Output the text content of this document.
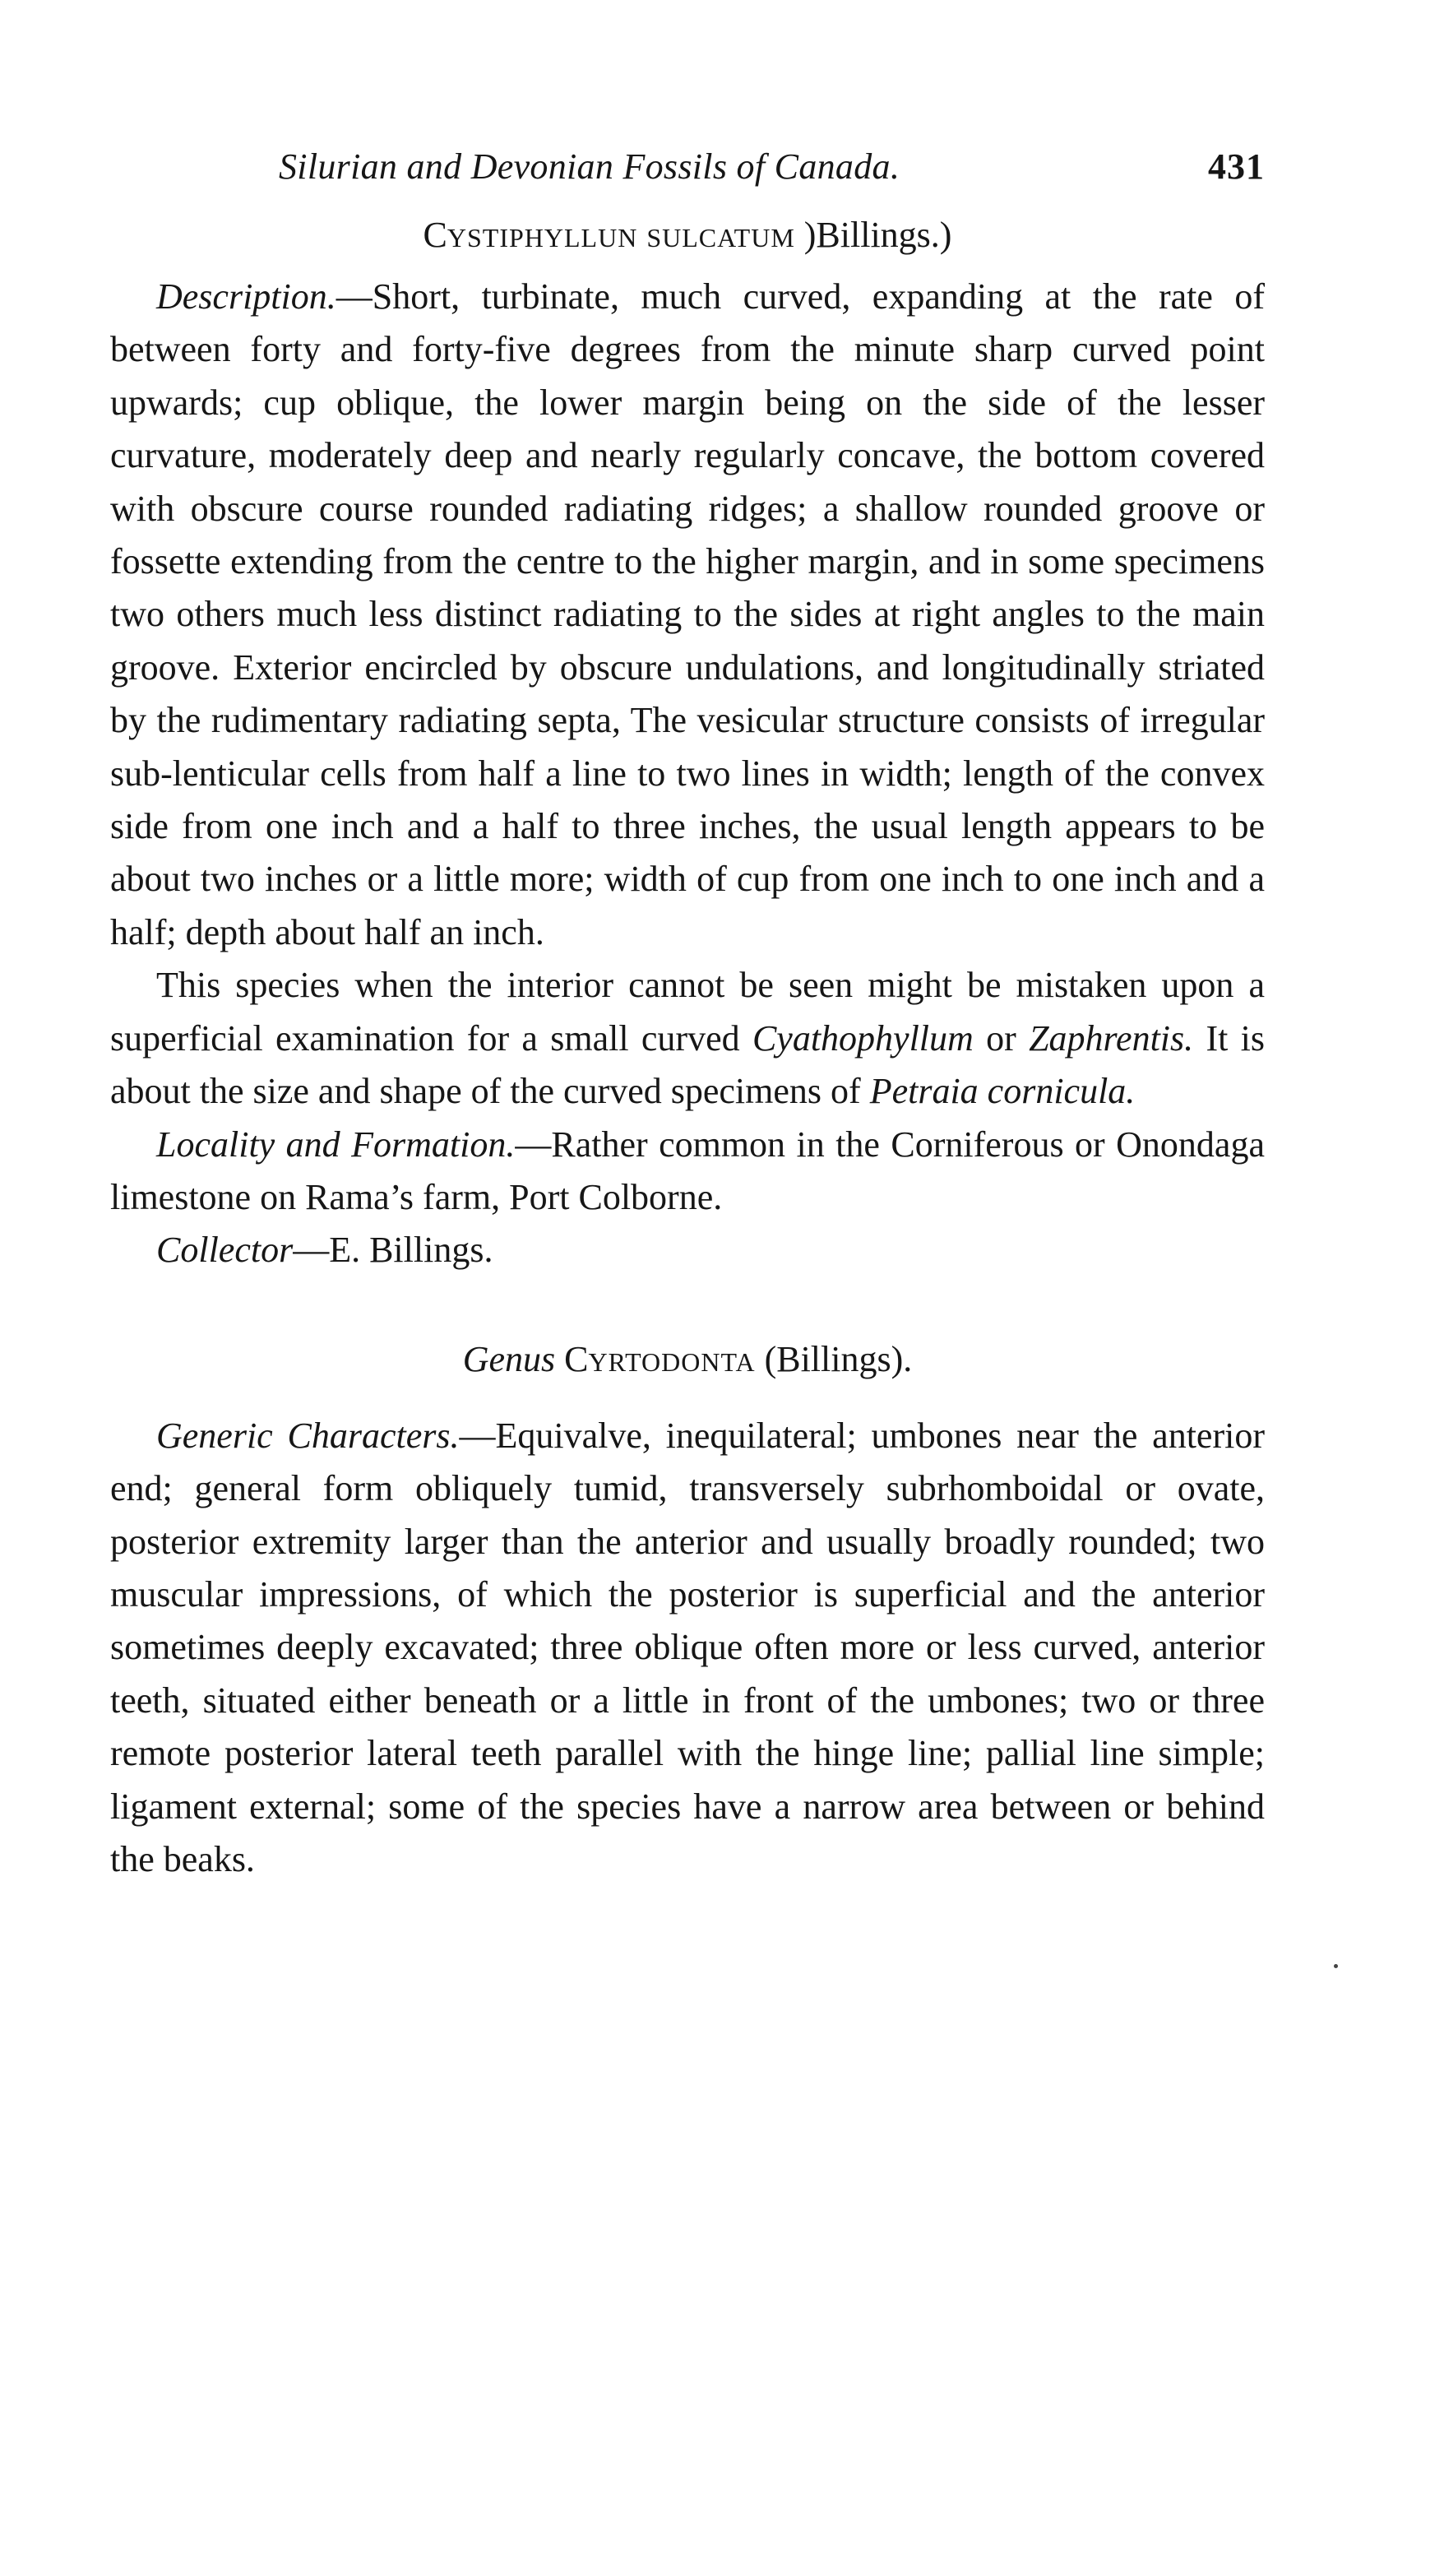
Silurian and Devonian Fossils of Canada.	431

CYSTIPHYLLUN SULCATUM )Billings.)

Description.—Short, turbinate, much curved, expanding at the rate of between forty and forty-five degrees from the minute sharp curved point upwards; cup oblique, the lower margin being on the side of the lesser curvature, moderately deep and nearly regularly concave, the bottom covered with obscure course rounded radiating ridges; a shallow rounded groove or fossette extending from the centre to the higher margin, and in some specimens two others much less distinct radiating to the sides at right angles to the main groove. Exterior encircled by obscure undulations, and longitudinally striated by the rudimentary radiating septa, The vesicular structure consists of irregular sub-lenticular cells from half a line to two lines in width; length of the convex side from one inch and a half to three inches, the usual length appears to be about two inches or a little more; width of cup from one inch to one inch and a half; depth about half an inch.

This species when the interior cannot be seen might be mistaken upon a superficial examination for a small curved Cyathophyllum or Zaphrentis. It is about the size and shape of the curved specimens of Petraia cornicula.

Locality and Formation.—Rather common in the Corniferous or Onondaga limestone on Rama’s farm, Port Colborne.

Collector—E. Billings.

Genus CYRTODONTA (Billings).

Generic Characters.—Equivalve, inequilateral; umbones near the anterior end; general form obliquely tumid, transversely subrhomboidal or ovate, posterior extremity larger than the anterior and usually broadly rounded; two muscular impressions, of which the posterior is superficial and the anterior sometimes deeply excavated; three oblique often more or less curved, anterior teeth, situated either beneath or a little in front of the umbones; two or three remote posterior lateral teeth parallel with the hinge line; pallial line simple; ligament external; some of the species have a narrow area between or behind the beaks.
